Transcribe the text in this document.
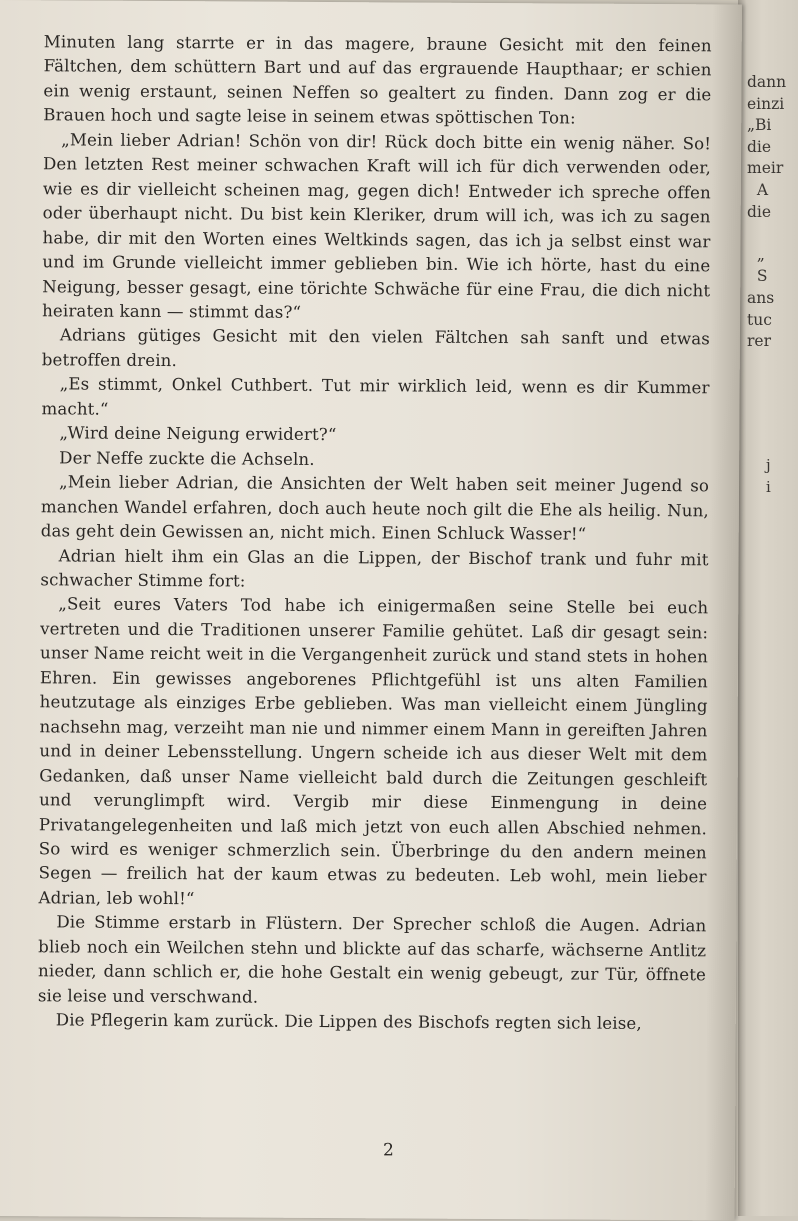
dann
einzi
„Bi
die
meir
A
die

„
S
ans
tuc
rer
j
i

Minuten lang starrte er in das magere, braune Gesicht mit den feinen Fältchen, dem schüttern Bart und auf das ergrauende Haupthaar; er schien ein wenig erstaunt, seinen Neffen so gealtert zu finden. Dann zog er die Brauen hoch und sagte leise in seinem etwas spöttischen Ton:

„Mein lieber Adrian! Schön von dir! Rück doch bitte ein wenig näher. So! Den letzten Rest meiner schwachen Kraft will ich für dich verwenden oder, wie es dir vielleicht scheinen mag, gegen dich! Entweder ich spreche offen oder überhaupt nicht. Du bist kein Kleriker, drum will ich, was ich zu sagen habe, dir mit den Worten eines Weltkinds sagen, das ich ja selbst einst war und im Grunde vielleicht immer geblieben bin. Wie ich hörte, hast du eine Neigung, besser gesagt, eine törichte Schwäche für eine Frau, die dich nicht heiraten kann — stimmt das?“

Adrians gütiges Gesicht mit den vielen Fältchen sah sanft und etwas betroffen drein.

„Es stimmt, Onkel Cuthbert. Tut mir wirklich leid, wenn es dir Kummer macht.“

„Wird deine Neigung erwidert?“

Der Neffe zuckte die Achseln.

„Mein lieber Adrian, die Ansichten der Welt haben seit meiner Jugend so manchen Wandel erfahren, doch auch heute noch gilt die Ehe als heilig. Nun, das geht dein Gewissen an, nicht mich. Einen Schluck Wasser!“

Adrian hielt ihm ein Glas an die Lippen, der Bischof trank und fuhr mit schwacher Stimme fort:

„Seit eures Vaters Tod habe ich einigermaßen seine Stelle bei euch vertreten und die Traditionen unserer Familie gehütet. Laß dir gesagt sein: unser Name reicht weit in die Vergangenheit zurück und stand stets in hohen Ehren. Ein gewisses angeborenes Pflichtgefühl ist uns alten Familien heutzutage als einziges Erbe geblieben. Was man vielleicht einem Jüngling nachsehn mag, verzeiht man nie und nimmer einem Mann in gereiften Jahren und in deiner Lebensstellung. Ungern scheide ich aus dieser Welt mit dem Gedanken, daß unser Name vielleicht bald durch die Zeitungen geschleift und verunglimpft wird. Vergib mir diese Einmengung in deine Privatangelegenheiten und laß mich jetzt von euch allen Abschied nehmen. So wird es weniger schmerzlich sein. Überbringe du den andern meinen Segen — freilich hat der kaum etwas zu bedeuten. Leb wohl, mein lieber Adrian, leb wohl!“

Die Stimme erstarb in Flüstern. Der Sprecher schloß die Augen. Adrian blieb noch ein Weilchen stehn und blickte auf das scharfe, wächserne Antlitz nieder, dann schlich er, die hohe Gestalt ein wenig gebeugt, zur Tür, öffnete sie leise und verschwand.

Die Pflegerin kam zurück. Die Lippen des Bischofs regten sich leise,

2
